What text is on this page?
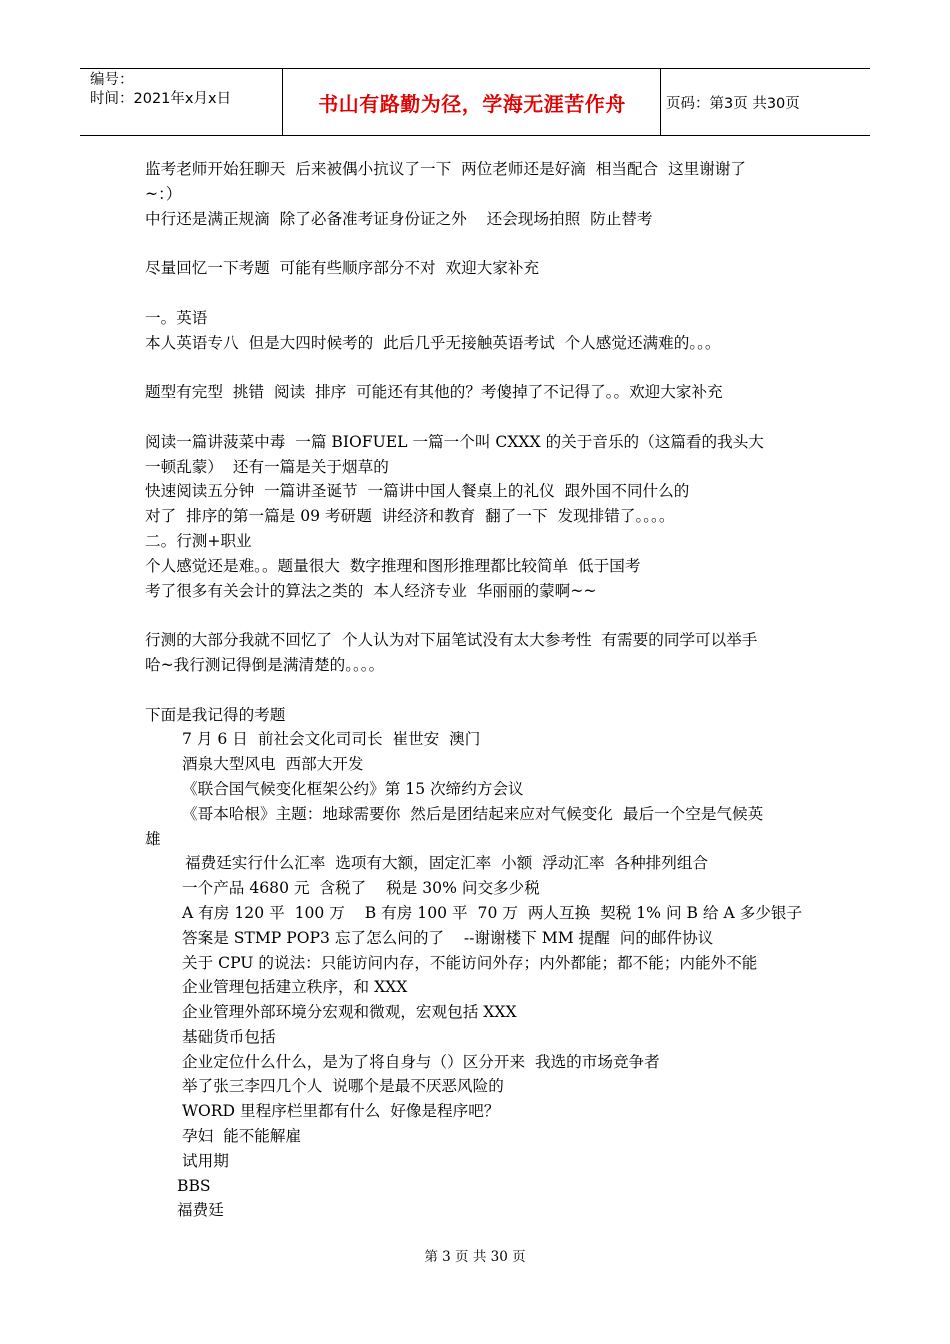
编号：
时间：2021年x月x日	书山有路勤为径，学海无涯苦作舟	页码：第3页 共30页

监考老师开始狂聊天  后来被偶小抗议了一下  两位老师还是好滴  相当配合  这里谢谢了

~：）

中行还是满正规滴  除了必备准考证身份证之外    还会现场拍照  防止替考

尽量回忆一下考题  可能有些顺序部分不对  欢迎大家补充

一。英语

本人英语专八  但是大四时候考的  此后几乎无接触英语考试  个人感觉还满难的。。。

题型有完型  挑错  阅读  排序  可能还有其他的？考傻掉了不记得了。。欢迎大家补充

阅读一篇讲菠菜中毒  一篇 BIOFUEL 一篇一个叫 CXXX 的关于音乐的（这篇看的我头大

一顿乱蒙）  还有一篇是关于烟草的

快速阅读五分钟  一篇讲圣诞节  一篇讲中国人餐桌上的礼仪  跟外国不同什么的

对了  排序的第一篇是 09 考研题  讲经济和教育  翻了一下  发现排错了。。。。

二。行测+职业

个人感觉还是难。。题量很大  数字推理和图形推理都比较简单  低于国考

考了很多有关会计的算法之类的  本人经济专业  华丽丽的蒙啊~~

行测的大部分我就不回忆了  个人认为对下届笔试没有太大参考性  有需要的同学可以举手

哈~我行测记得倒是满清楚的。。。。

下面是我记得的考题

7 月 6 日  前社会文化司司长  崔世安  澳门

酒泉大型风电  西部大开发

《联合国气候变化框架公约》第 15 次缔约方会议

《哥本哈根》主题：地球需要你  然后是团结起来应对气候变化  最后一个空是气候英

雄

福费廷实行什么汇率  选项有大额，固定汇率  小额  浮动汇率  各种排列组合

一个产品 4680 元  含税了    税是 30% 问交多少税

A 有房 120 平  100 万    B 有房 100 平  70 万  两人互换  契税 1% 问 B 给 A 多少银子

答案是 STMP POP3 忘了怎么问的了    --谢谢楼下 MM 提醒  问的邮件协议

关于 CPU 的说法：只能访问内存，不能访问外存；内外都能；都不能；内能外不能

企业管理包括建立秩序，和 XXX

企业管理外部环境分宏观和微观，宏观包括 XXX

基础货币包括

企业定位什么什么，是为了将自身与（）区分开来  我选的市场竞争者

举了张三李四几个人  说哪个是最不厌恶风险的

WORD 里程序栏里都有什么  好像是程序吧？

孕妇  能不能解雇

试用期

BBS

福费廷

第 3 页 共 30 页
